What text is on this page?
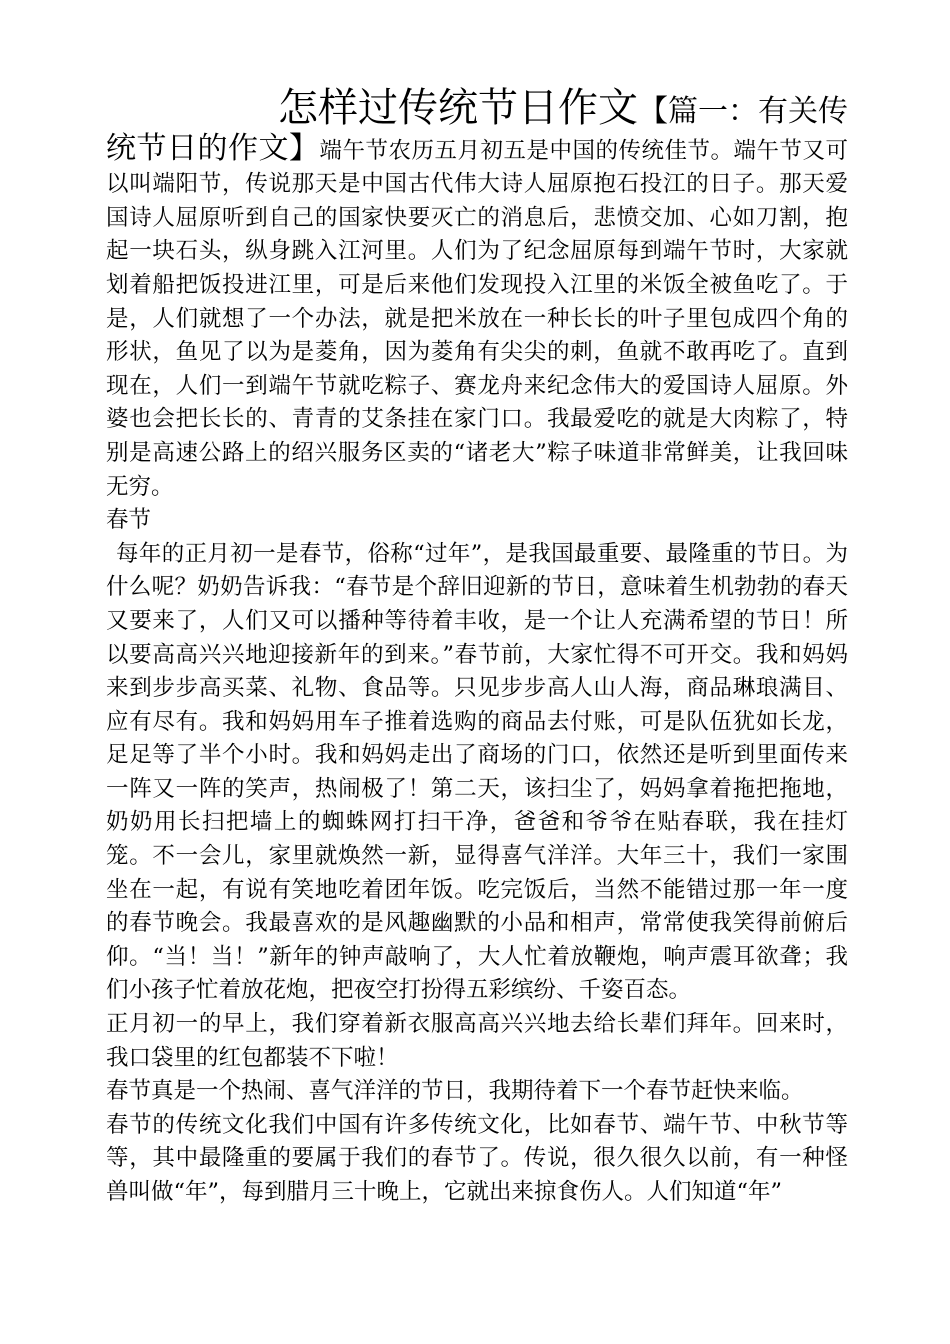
怎样过传统节日作文【篇一：有关传统节日的作文】端午节农历五月初五是中国的传统佳节。端午节又可以叫端阳节，传说那天是中国古代伟大诗人屈原抱石投江的日子。那天爱国诗人屈原听到自己的国家快要灭亡的消息后，悲愤交加、心如刀割，抱起一块石头，纵身跳入江河里。人们为了纪念屈原每到端午节时，大家就划着船把饭投进江里，可是后来他们发现投入江里的米饭全被鱼吃了。于是，人们就想了一个办法，就是把米放在一种长长的叶子里包成四个角的形状，鱼见了以为是菱角，因为菱角有尖尖的刺，鱼就不敢再吃了。直到现在，人们一到端午节就吃粽子、赛龙舟来纪念伟大的爱国诗人屈原。外婆也会把长长的、青青的艾条挂在家门口。我最爱吃的就是大肉粽了，特别是高速公路上的绍兴服务区卖的“诸老大”粽子味道非常鲜美，让我回味无穷。

春节

每年的正月初一是春节，俗称“过年”，是我国最重要、最隆重的节日。为什么呢？奶奶告诉我：“春节是个辞旧迎新的节日，意味着生机勃勃的春天又要来了，人们又可以播种等待着丰收，是一个让人充满希望的节日！所以要高高兴兴地迎接新年的到来。”春节前，大家忙得不可开交。我和妈妈来到步步高买菜、礼物、食品等。只见步步高人山人海，商品琳琅满目、应有尽有。我和妈妈用车子推着选购的商品去付账，可是队伍犹如长龙，足足等了半个小时。我和妈妈走出了商场的门口，依然还是听到里面传来一阵又一阵的笑声，热闹极了！第二天，该扫尘了，妈妈拿着拖把拖地，奶奶用长扫把墙上的蜘蛛网打扫干净，爸爸和爷爷在贴春联，我在挂灯笼。不一会儿，家里就焕然一新，显得喜气洋洋。大年三十，我们一家围坐在一起，有说有笑地吃着团年饭。吃完饭后，当然不能错过那一年一度的春节晚会。我最喜欢的是风趣幽默的小品和相声，常常使我笑得前俯后仰。“当！当！”新年的钟声敲响了，大人忙着放鞭炮，响声震耳欲聋；我们小孩子忙着放花炮，把夜空打扮得五彩缤纷、千姿百态。

正月初一的早上，我们穿着新衣服高高兴兴地去给长辈们拜年。回来时，我口袋里的红包都装不下啦！

春节真是一个热闹、喜气洋洋的节日，我期待着下一个春节赶快来临。

春节的传统文化我们中国有许多传统文化，比如春节、端午节、中秋节等等，其中最隆重的要属于我们的春节了。传说，很久很久以前，有一种怪兽叫做“年”，每到腊月三十晚上，它就出来掠食伤人。人们知道“年”
